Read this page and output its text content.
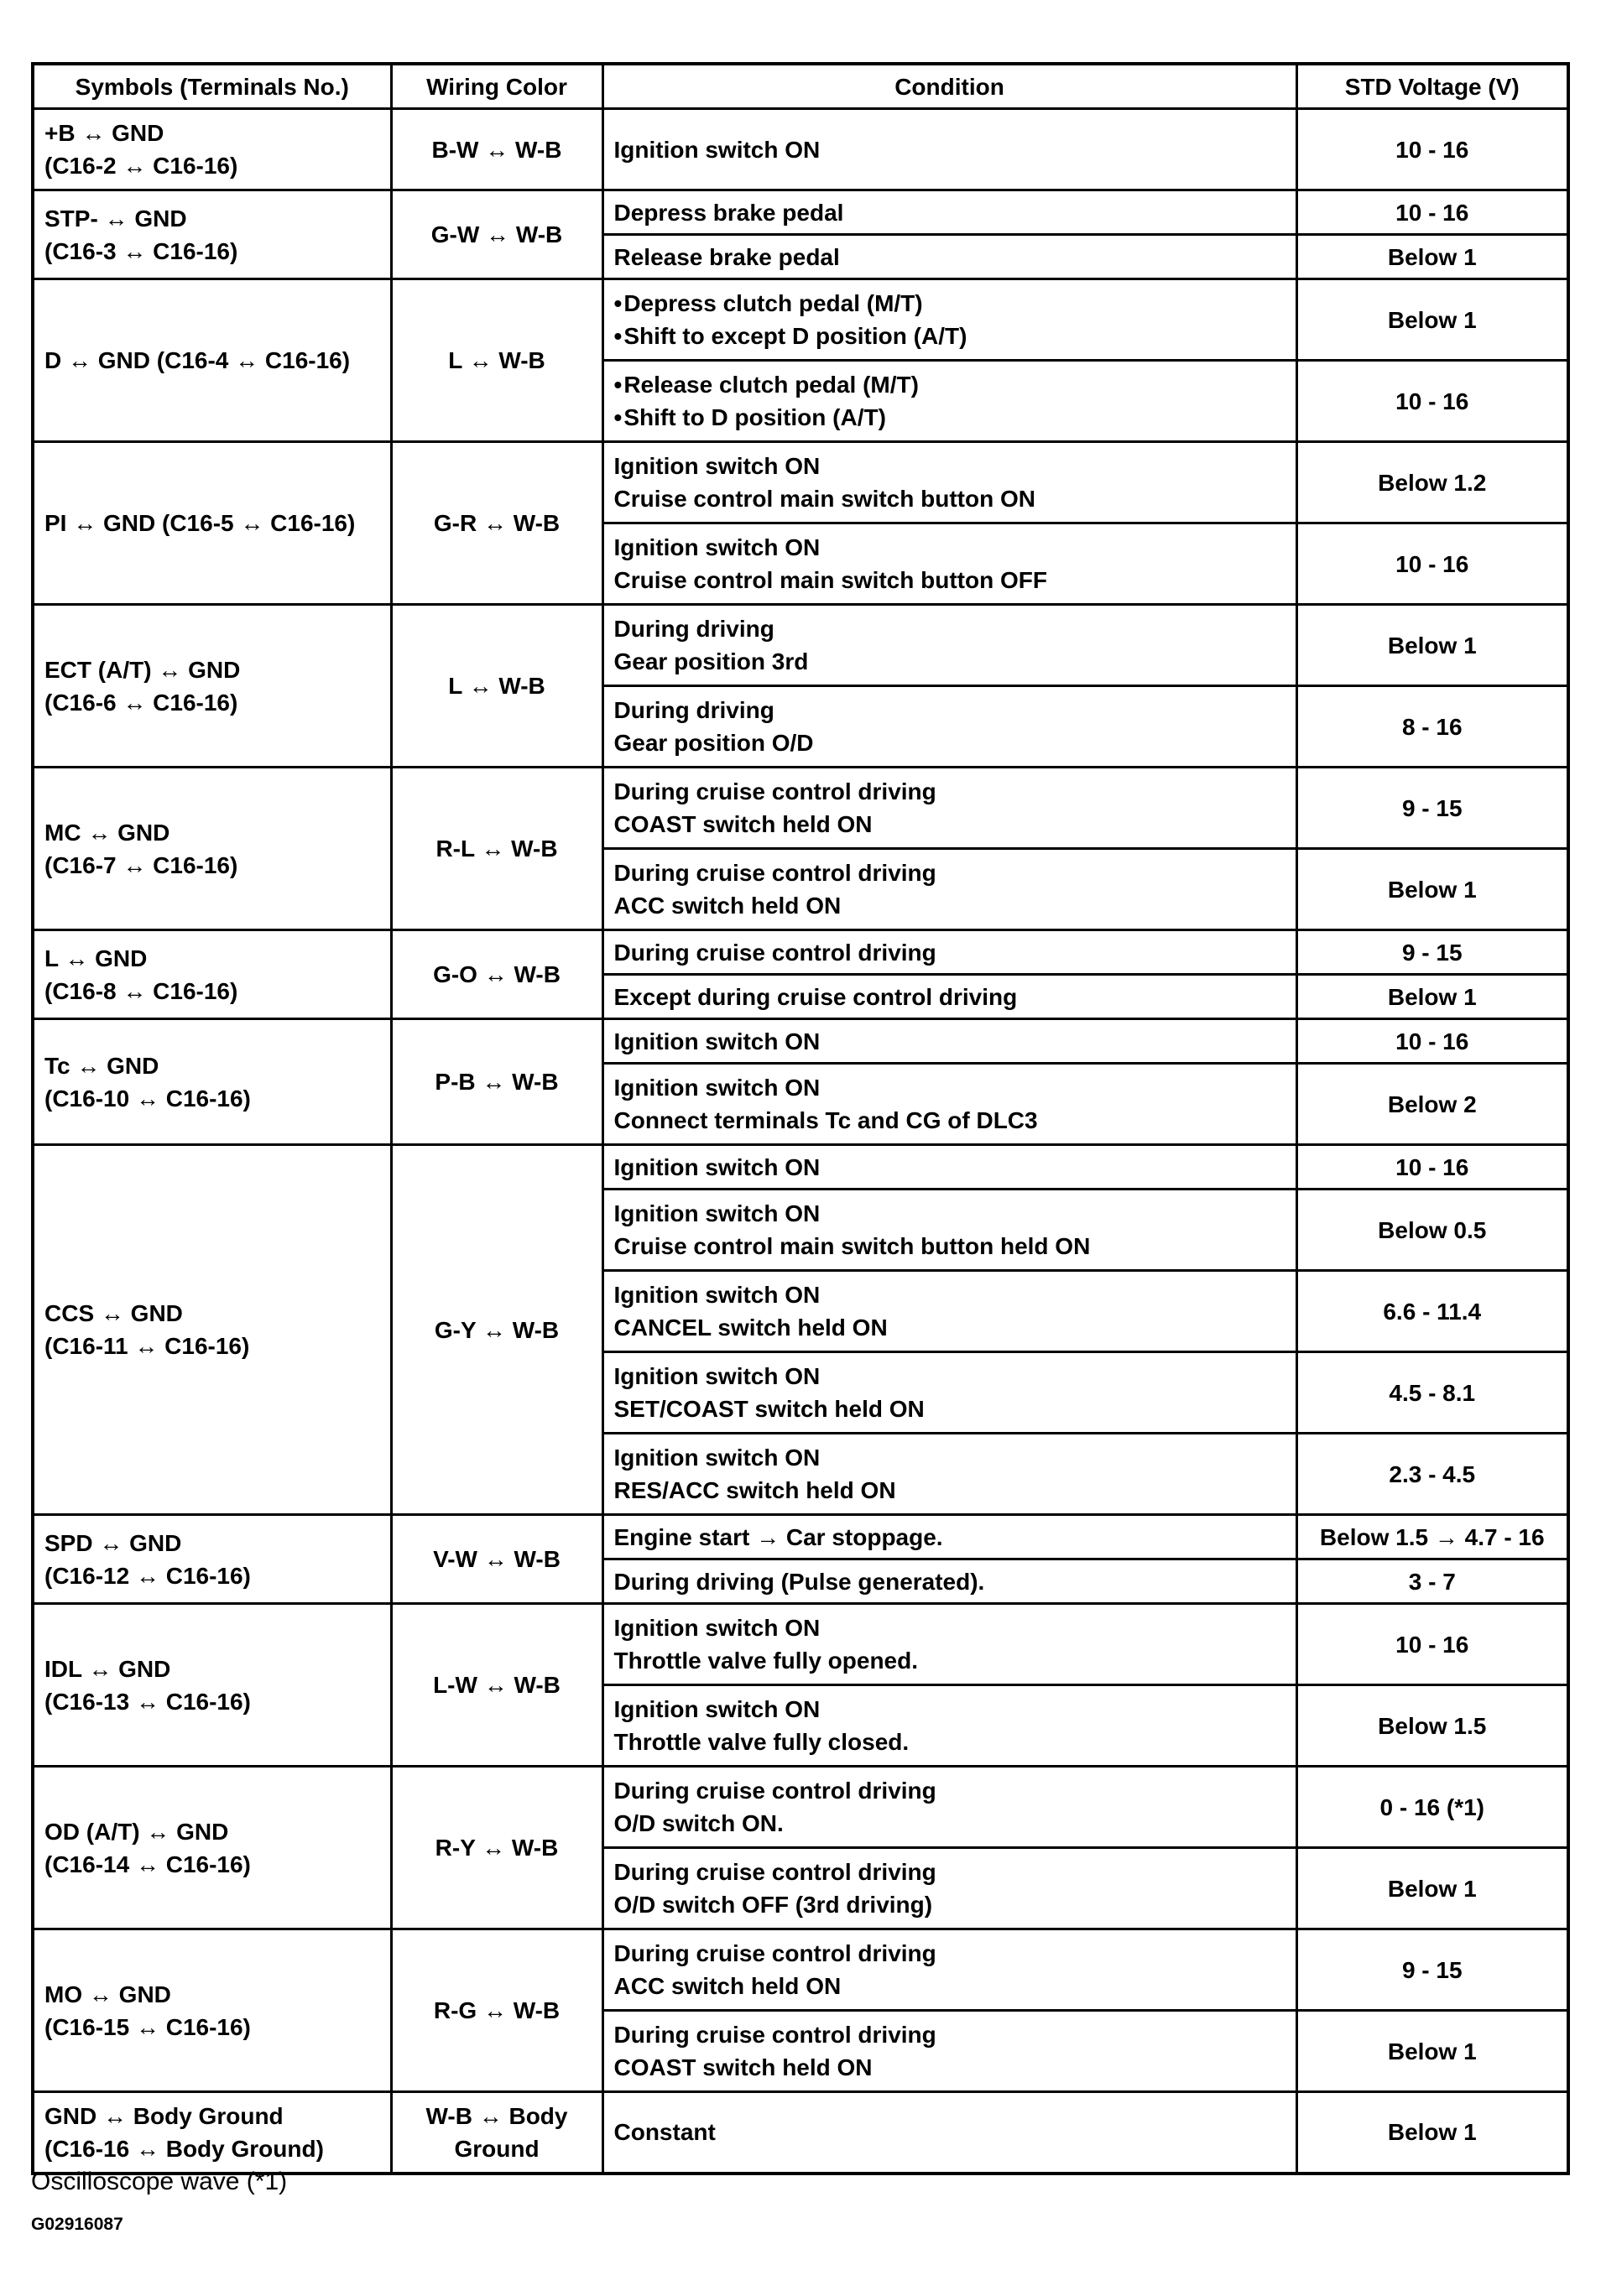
Symbols (Terminals No.)	Wiring Color	Condition	STD Voltage (V)

+B ↔ GND
(C16-2 ↔ C16-16)	B-W ↔ W-B	Ignition switch ON	10 - 16

STP- ↔ GND
(C16-3 ↔ C16-16)	G-W ↔ W-B	Depress brake pedal	10 - 16

		Release brake pedal	Below 1

D ↔ GND (C16-4 ↔ C16-16)	L ↔ W-B	• Depress clutch pedal (M/T)
• Shift to except D position (A/T)	Below 1

		• Release clutch pedal (M/T)
• Shift to D position (A/T)	10 - 16

PI ↔ GND (C16-5 ↔ C16-16)	G-R ↔ W-B	Ignition switch ON
Cruise control main switch button ON	Below 1.2

		Ignition switch ON
Cruise control main switch button OFF	10 - 16

ECT (A/T) ↔ GND
(C16-6 ↔ C16-16)	L ↔ W-B	During driving
Gear position 3rd	Below 1

		During driving
Gear position O/D	8 - 16

MC ↔ GND
(C16-7 ↔ C16-16)	R-L ↔ W-B	During cruise control driving
COAST switch held ON	9 - 15

		During cruise control driving
ACC switch held ON	Below 1

L ↔ GND
(C16-8 ↔ C16-16)	G-O ↔ W-B	During cruise control driving	9 - 15

		Except during cruise control driving	Below 1

Tc ↔ GND
(C16-10 ↔ C16-16)	P-B ↔ W-B	Ignition switch ON	10 - 16

		Ignition switch ON
Connect terminals Tc and CG of DLC3	Below 2

CCS ↔ GND
(C16-11 ↔ C16-16)	G-Y ↔ W-B	Ignition switch ON	10 - 16

		Ignition switch ON
Cruise control main switch button held ON	Below 0.5

		Ignition switch ON
CANCEL switch held ON	6.6 - 11.4

		Ignition switch ON
SET/COAST switch held ON	4.5 - 8.1

		Ignition switch ON
RES/ACC switch held ON	2.3 - 4.5

SPD ↔ GND
(C16-12 ↔ C16-16)	V-W ↔ W-B	Engine start → Car stoppage.	Below 1.5 → 4.7 - 16

		During driving (Pulse generated).	3 - 7

IDL ↔ GND
(C16-13 ↔ C16-16)	L-W ↔ W-B	Ignition switch ON
Throttle valve fully opened.	10 - 16

		Ignition switch ON
Throttle valve fully closed.	Below 1.5

OD (A/T) ↔ GND
(C16-14 ↔ C16-16)	R-Y ↔ W-B	During cruise control driving
O/D switch ON.	0 - 16 (*1)

		During cruise control driving
O/D switch OFF (3rd driving)	Below 1

MO ↔ GND
(C16-15 ↔ C16-16)	R-G ↔ W-B	During cruise control driving
ACC switch held ON	9 - 15

		During cruise control driving
COAST switch held ON	Below 1

GND ↔ Body Ground
(C16-16 ↔ Body Ground)	W-B ↔ Body
Ground	Constant	Below 1
Oscilloscope wave (*1)
G02916087
